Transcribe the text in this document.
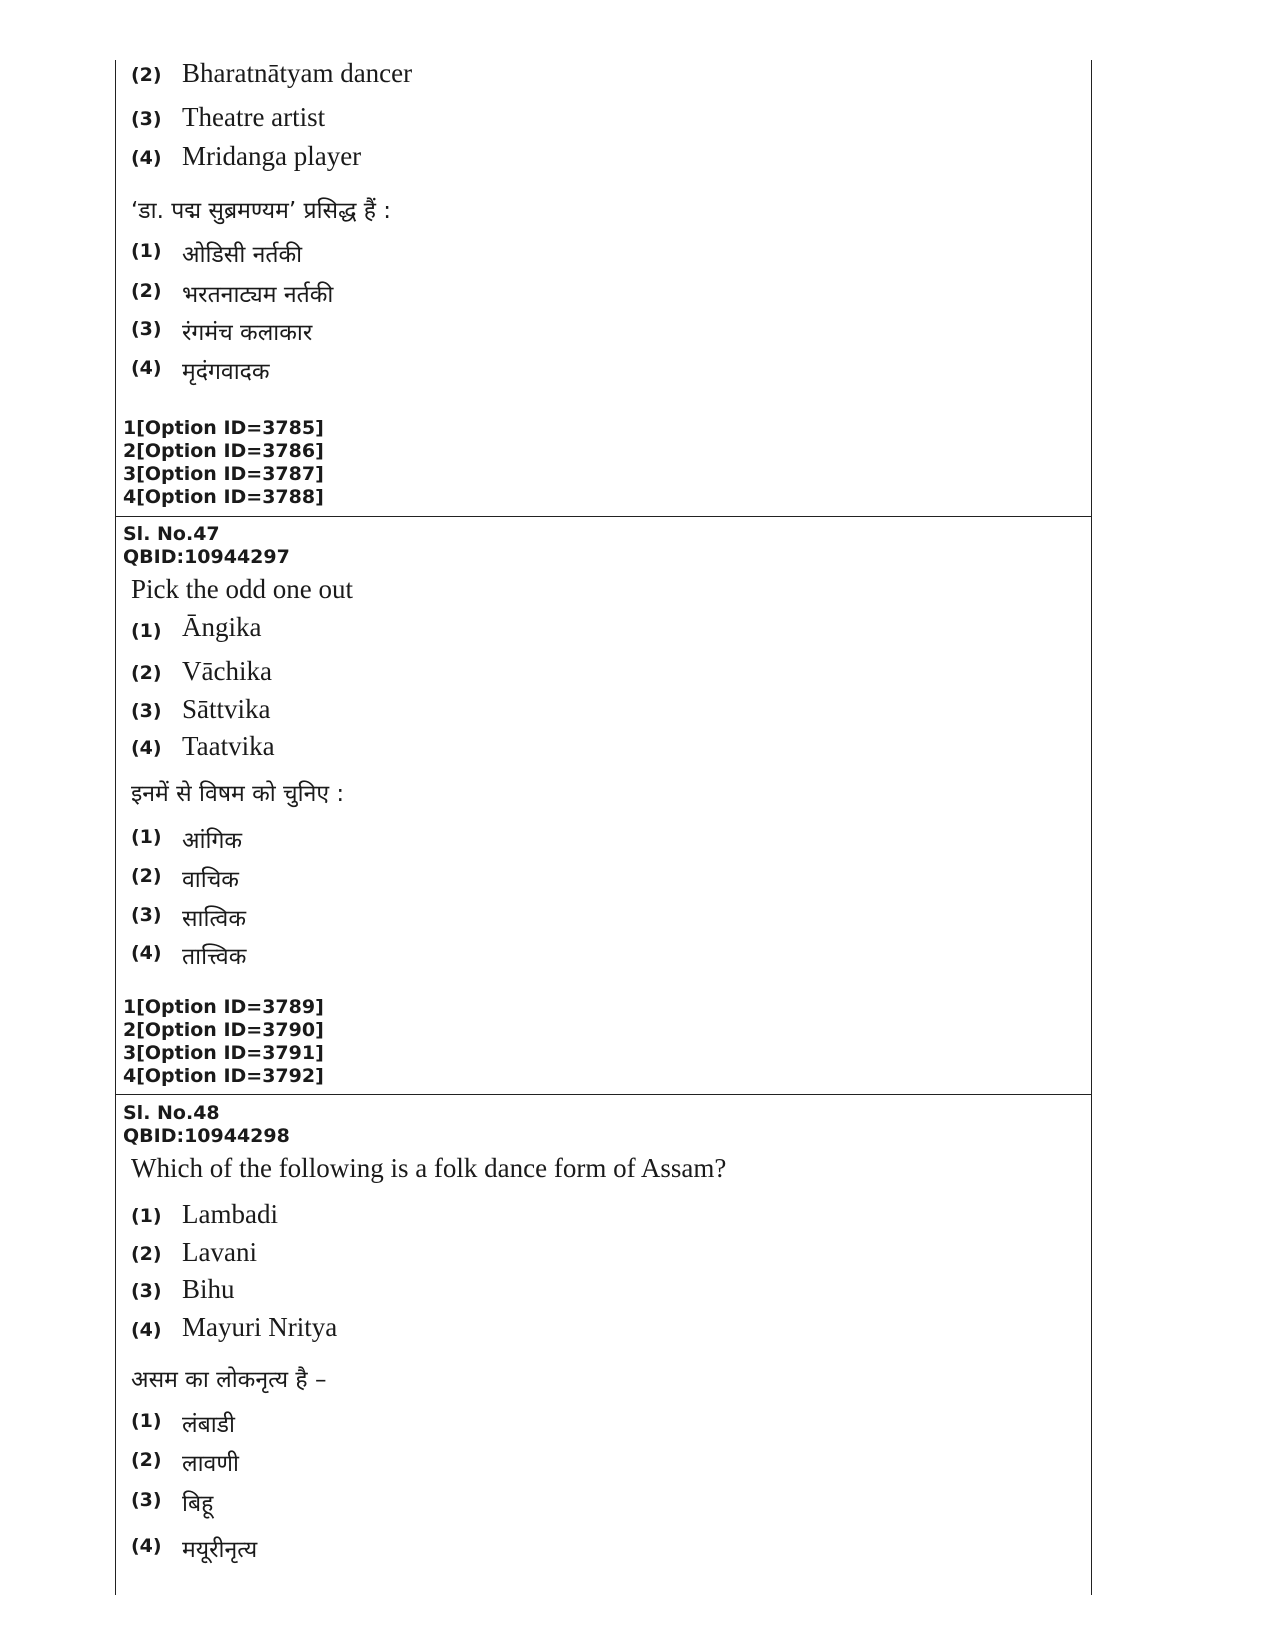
(2) Bharatnātyam dancer
(3) Theatre artist
(4) Mridanga player
‘डा. पद्म सुब्रमण्यम’ प्रसिद्ध हैं :
(1) ओडिसी नर्तकी
(2) भरतनाट्यम नर्तकी
(3) रंगमंच कलाकार
(4) मृदंगवादक
1[Option ID=3785]
2[Option ID=3786]
3[Option ID=3787]
4[Option ID=3788]
Sl. No.47
QBID:10944297
Pick the odd one out
(1) Āngika
(2) Vāchika
(3) Sāttvika
(4) Taatvika
इनमें से विषम को चुनिए :
(1) आंगिक
(2) वाचिक
(3) सात्विक
(4) तात्त्विक
1[Option ID=3789]
2[Option ID=3790]
3[Option ID=3791]
4[Option ID=3792]
Sl. No.48
QBID:10944298
Which of the following is a folk dance form of Assam?
(1) Lambadi
(2) Lavani
(3) Bihu
(4) Mayuri Nritya
असम का लोकनृत्य है –
(1) लंबाडी
(2) लावणी
(3) बिहू
(4) मयूरीनृत्य
